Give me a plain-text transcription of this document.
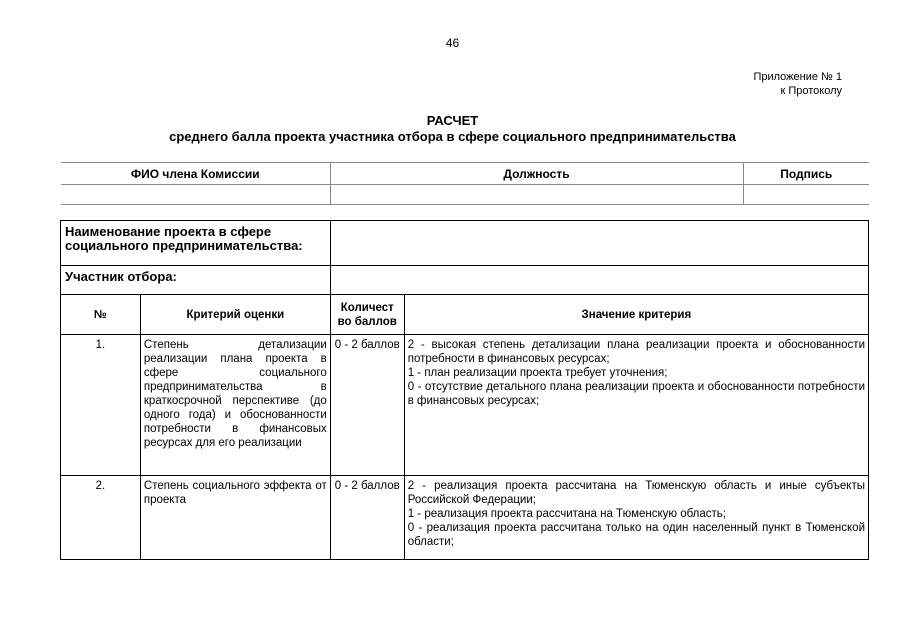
46
Приложение № 1
к Протоколу
РАСЧЕТ
среднего балла проекта участника отбора в сфере социального предпринимательства
ФИО члена Комиссии	Должность	Подпись

Наименование проекта в сфере социального предпринимательства:			
Участник отбора:			
№	Критерий оценки	Количест во баллов	Значение критерия
1.	Степень детализации реализации плана проекта в сфере социального предпринимательства в краткосрочной перспективе (до одного года) и обоснованности потребности в финансовых ресурсах для его реализации	0 - 2 баллов	2 - высокая степень детализации плана реализации проекта и обоснованности потребности в финансовых ресурсах;
1 - план реализации проекта требует уточнения;
0 - отсутствие детального плана реализации проекта и обоснованности потребности в финансовых ресурсах;

2.	Степень социального эффекта от проекта	0 - 2 баллов	2 - реализация проекта рассчитана на Тюменскую область и иные субъекты Российской Федерации;
1 - реализация проекта рассчитана на Тюменскую область;
0 - реализация проекта рассчитана только на один населенный пункт в Тюменской области;
